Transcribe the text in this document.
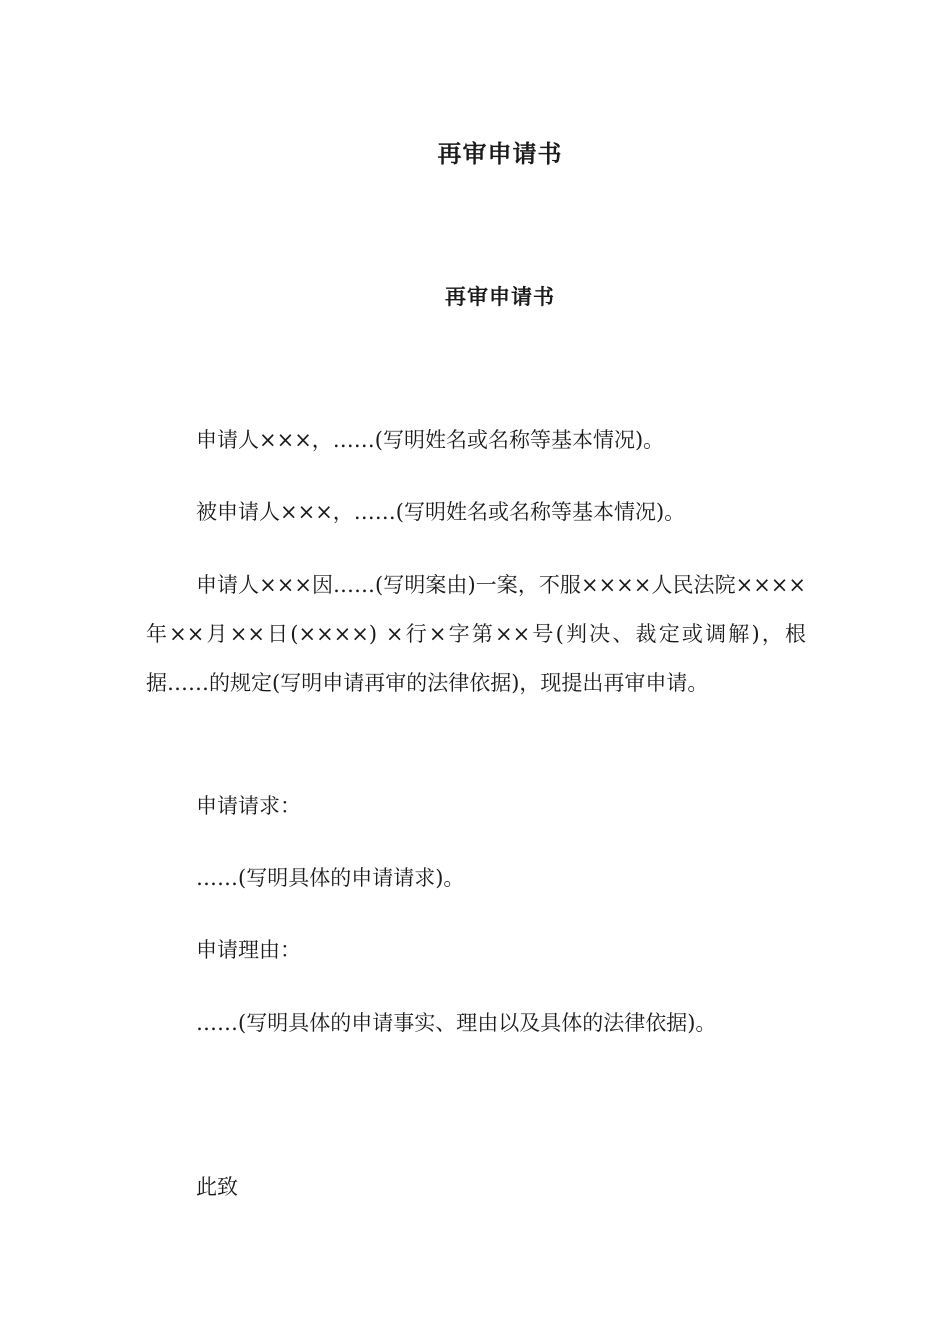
再审申请书
再审申请书

申请人×××，……(写明姓名或名称等基本情况)。

被申请人×××，……(写明姓名或名称等基本情况)。

申请人×××因……(写明案由)一案，不服××××人民法院××××年××月××日(××××) ×行×字第××号(判决、裁定或调解)，根据……的规定(写明申请再审的法律依据)，现提出再审申请。

申请请求：

……(写明具体的申请请求)。

申请理由：

……(写明具体的申请事实、理由以及具体的法律依据)。

此致
